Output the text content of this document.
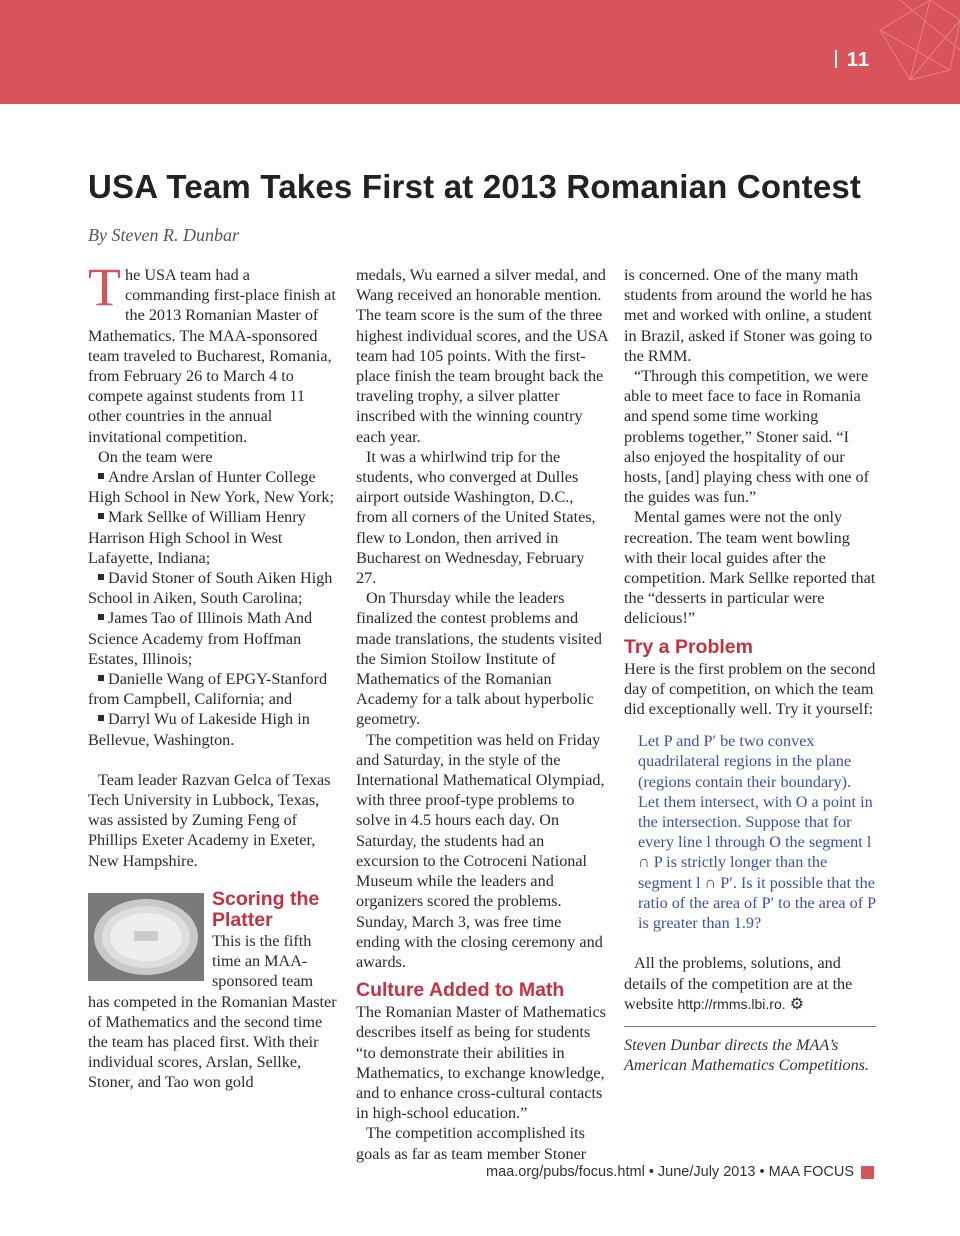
11
USA Team Takes First at 2013 Romanian Contest
By Steven R. Dunbar

The USA team had a commanding first-place finish at the 2013 Romanian Master of Mathematics. The MAA-sponsored team traveled to Bucharest, Romania, from February 26 to March 4 to compete against students from 11 other countries in the annual invitational competition.

On the team were

Andre Arslan of Hunter College High School in New York, New York;

Mark Sellke of William Henry Harrison High School in West Lafayette, Indiana;

David Stoner of South Aiken High School in Aiken, South Carolina;

James Tao of Illinois Math And Science Academy from Hoffman Estates, Illinois;

Danielle Wang of EPGY-Stanford from Campbell, California; and

Darryl Wu of Lakeside High in Bellevue, Washington.

Team leader Razvan Gelca of Texas Tech University in Lubbock, Texas, was assisted by Zuming Feng of Phillips Exeter Academy in Exeter, New Hampshire.

Scoring the Platter

This is the fifth time an MAA-sponsored team has competed in the Romanian Master of Mathematics and the second time the team has placed first. With their individual scores, Arslan, Sellke, Stoner, and Tao won gold

medals, Wu earned a silver medal, and Wang received an honorable mention. The team score is the sum of the three highest individual scores, and the USA team had 105 points. With the first-place finish the team brought back the traveling trophy, a silver platter inscribed with the winning country each year.

It was a whirlwind trip for the students, who converged at Dulles airport outside Washington, D.C., from all corners of the United States, flew to London, then arrived in Bucharest on Wednesday, February 27.

On Thursday while the leaders finalized the contest problems and made translations, the students visited the Simion Stoilow Institute of Mathematics of the Romanian Academy for a talk about hyperbolic geometry.

The competition was held on Friday and Saturday, in the style of the International Mathematical Olympiad, with three proof-type problems to solve in 4.5 hours each day. On Saturday, the students had an excursion to the Cotroceni National Museum while the leaders and organizers scored the problems. Sunday, March 3, was free time ending with the closing ceremony and awards.

Culture Added to Math

The Romanian Master of Mathematics describes itself as being for students “to demonstrate their abilities in Mathematics, to exchange knowledge, and to enhance cross-cultural contacts in high-school education.”

The competition accomplished its goals as far as team member Stoner

is concerned. One of the many math students from around the world he has met and worked with online, a student in Brazil, asked if Stoner was going to the RMM.

“Through this competition, we were able to meet face to face in Romania and spend some time working problems together,” Stoner said. “I also enjoyed the hospitality of our hosts, [and] playing chess with one of the guides was fun.”

Mental games were not the only recreation. The team went bowling with their local guides after the competition. Mark Sellke reported that the “desserts in particular were delicious!”

Try a Problem

Here is the first problem on the second day of competition, on which the team did exceptionally well. Try it yourself:

Let P and P′ be two convex quadrilateral regions in the plane (regions contain their boundary). Let them intersect, with O a point in the intersection. Suppose that for every line l through O the segment l ∩ P is strictly longer than the segment l ∩ P′. Is it possible that the ratio of the area of P′ to the area of P is greater than 1.9?

All the problems, solutions, and details of the competition are at the website http://rmms.lbi.ro. ⚙

Steven Dunbar directs the MAA’s American Mathematics Competitions.

maa.org/pubs/focus.html • June/July 2013 • MAA FOCUS
